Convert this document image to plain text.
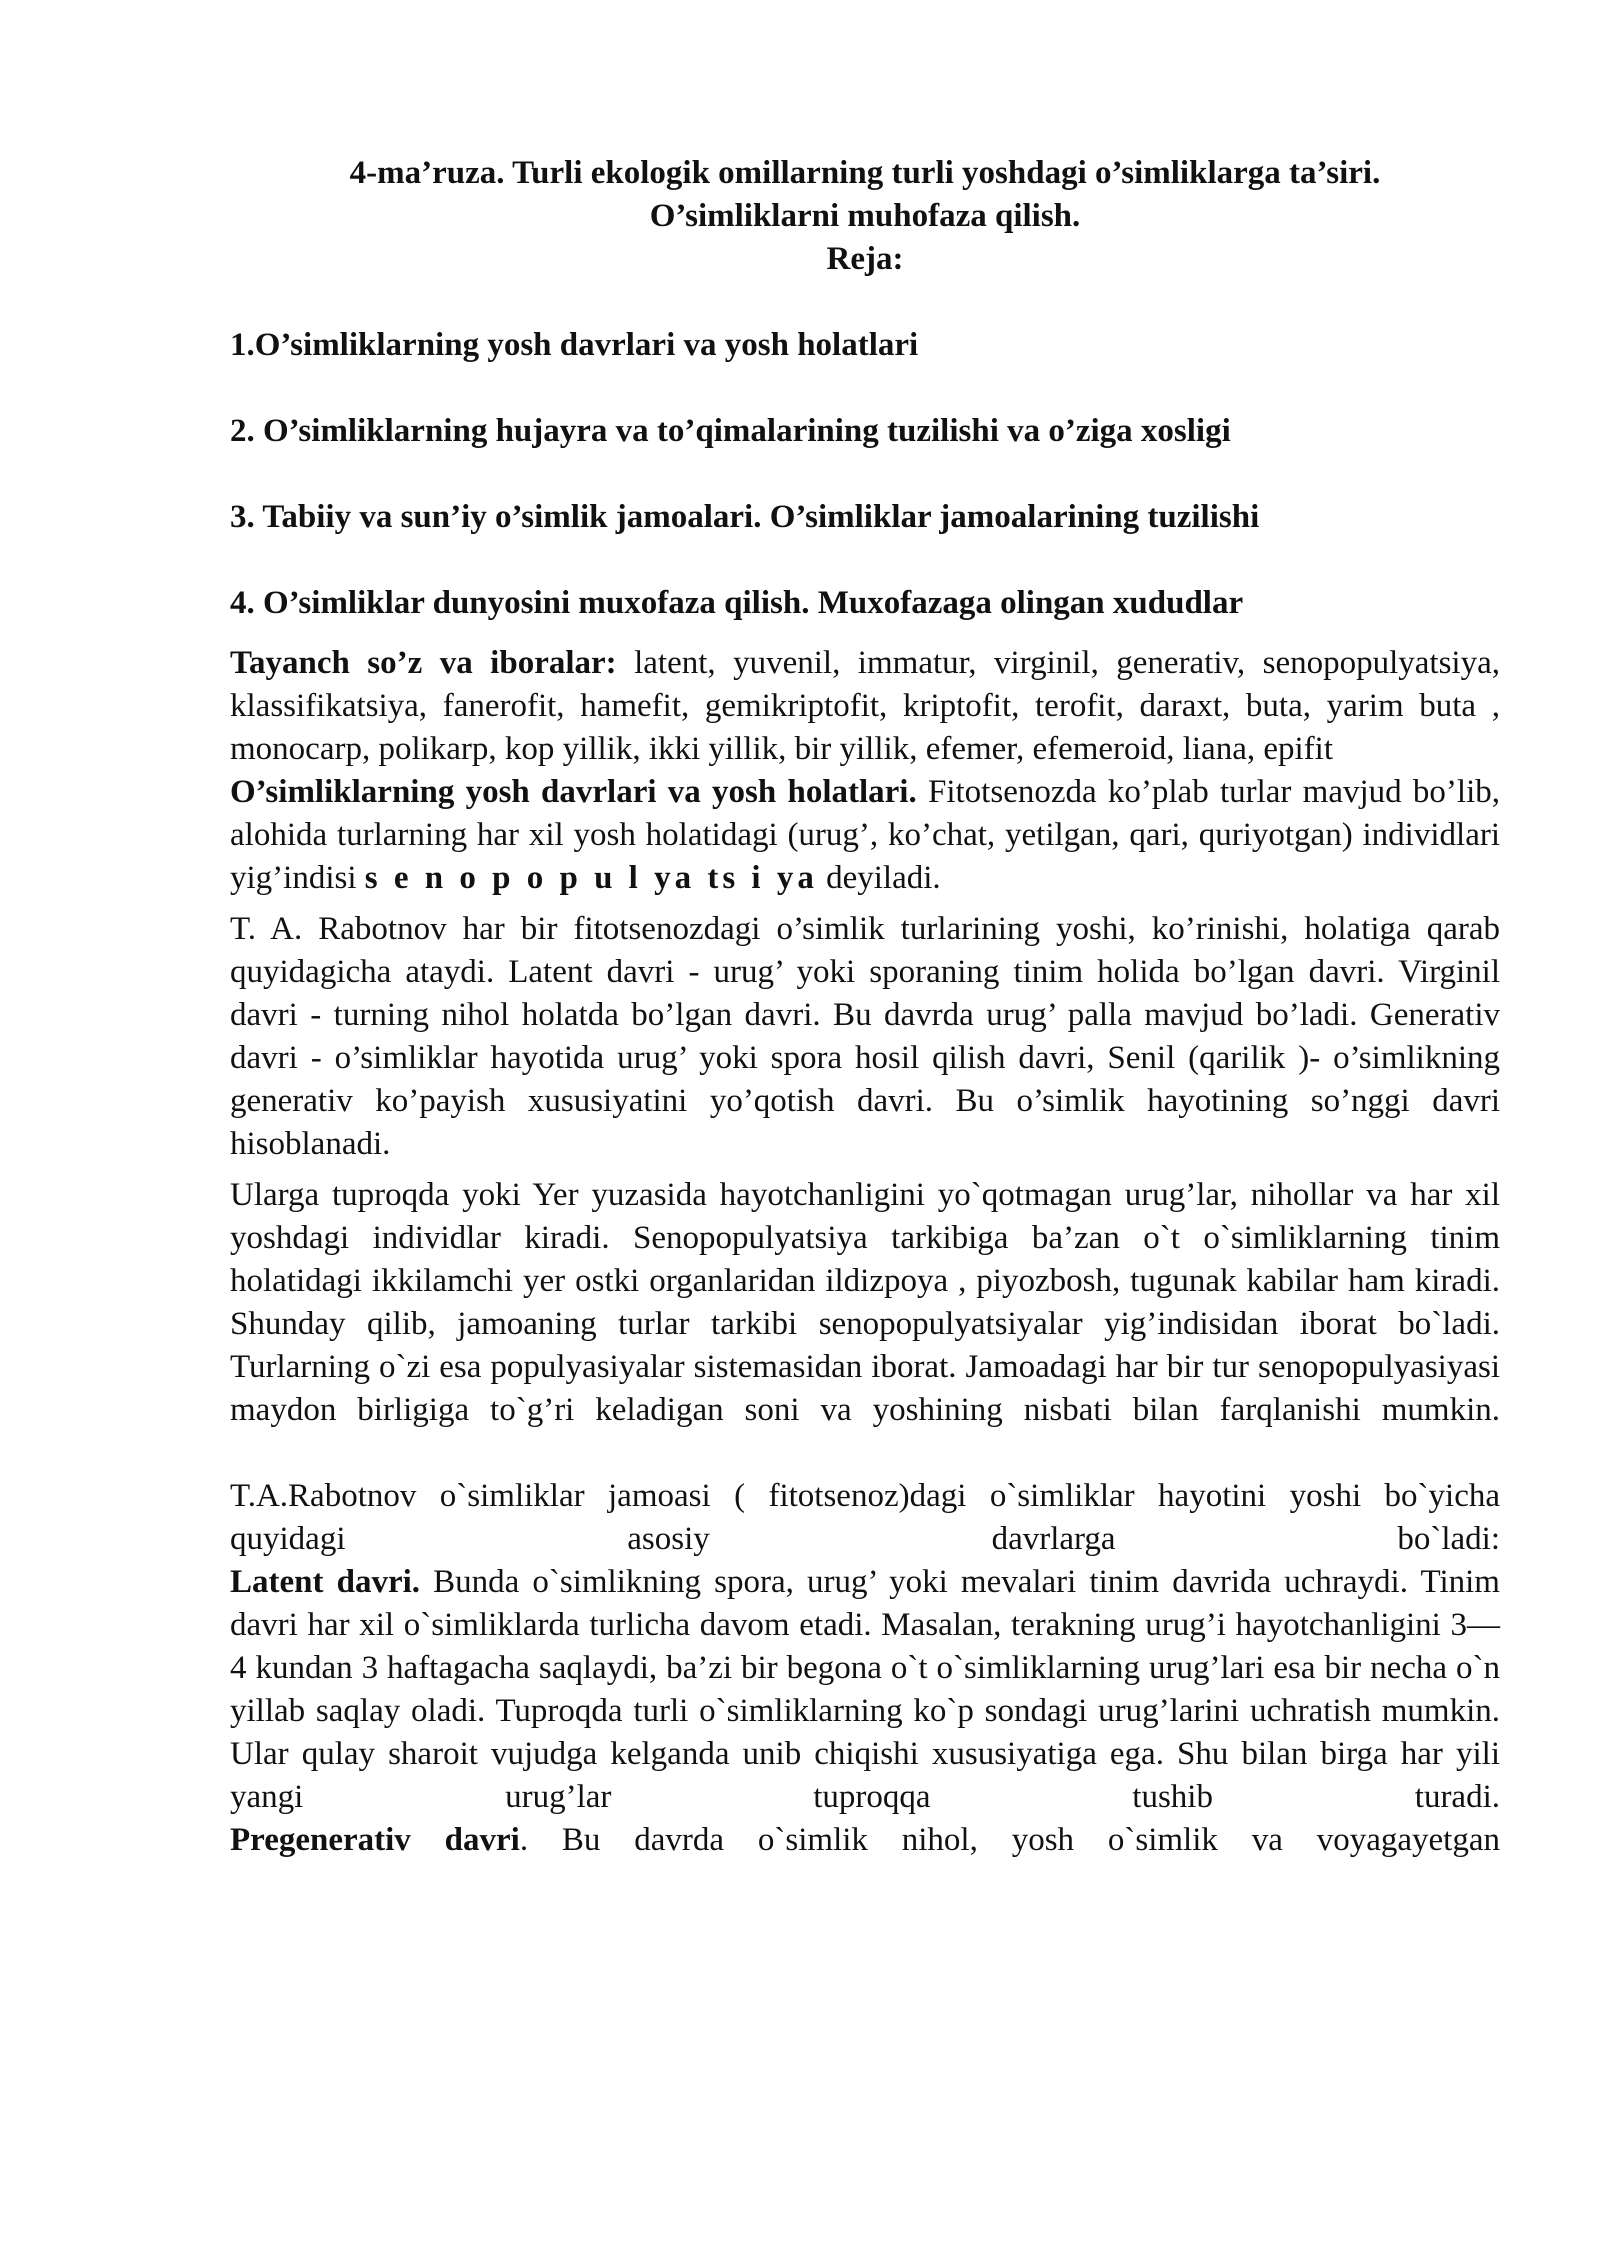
4-ma’ruza. Turli ekologik omillarning turli yoshdagi o’simliklarga ta’siri.
O’simliklarni muhofaza qilish.
Reja:
1.O’simliklarning yosh davrlari va yosh holatlari
2. O’simliklarning hujayra va to’qimalarining tuzilishi va o’ziga xosligi
3. Tabiiy va sun’iy o’simlik jamoalari. O’simliklar jamoalarining tuzilishi
4. O’simliklar dunyosini muxofaza qilish. Muxofazaga olingan xududlar

Tayanch so’z va iboralar: latent, yuvenil, immatur, virginil, generativ, senopopulyatsiya, klassifikatsiya, fanerofit, hamefit, gemikriptofit, kriptofit, terofit, daraxt, buta, yarim buta , monocarp, polikarp, kop yillik, ikki yillik, bir yillik, efemer, efemeroid, liana, epifit

O’simliklarning yosh davrlari va yosh holatlari. Fitotsenozda ko’plab turlar mavjud bo’lib, alohida turlarning har xil yosh holatidagi (urug’, ko’chat, yetilgan, qari, quriyotgan) individlari yig’indisi s e n o p o p u l ya ts i ya deyiladi.

T. A. Rabotnov har bir fitotsenozdagi o’simlik turlarining yoshi, ko’rinishi, holatiga qarab quyidagicha ataydi. Latent davri - urug’ yoki sporaning tinim holida bo’lgan davri. Virginil davri - turning nihol holatda bo’lgan davri. Bu davrda urug’ palla mavjud bo’ladi. Generativ davri - o’simliklar hayotida urug’ yoki spora hosil qilish davri, Senil (qarilik )- o’simlikning generativ ko’payish xususiyatini yo’qotish davri. Bu o’simlik hayotining so’nggi davri hisoblanadi.

Ularga tuproqda yoki Yer yuzasida hayotchanligini yo`qotmagan urug’lar, nihollar va har xil yoshdagi individlar kiradi. Senopopulyatsiya tarkibiga ba’zan o`t o`simliklarning tinim holatidagi ikkilamchi yer ostki organlaridan ildizpoya , piyozbosh, tugunak kabilar ham kiradi. Shunday qilib, jamoaning turlar tarkibi senopopulyatsiyalar yig’indisidan iborat bo`ladi. Turlarning o`zi esa populyasiyalar sistemasidan iborat. Jamoadagi har bir tur senopopulyasiyasi maydon birligiga to`g’ri keladigan soni va yoshining nisbati bilan farqlanishi mumkin.

T.A.Rabotnov o`simliklar jamoasi ( fitotsenoz)dagi o`simliklar hayotini yoshi bo`yicha quyidagi asosiy davrlarga bo`ladi:

Latent davri. Bunda o`simlikning spora, urug’ yoki mevalari tinim davrida uchraydi. Tinim davri har xil o`simliklarda turlicha davom etadi. Masalan, terakning urug’i hayotchanligini 3—4 kundan 3 haftagacha saqlaydi, ba’zi bir begona o`t o`simliklarning urug’lari esa bir necha o`n yillab saqlay oladi. Tuproqda turli o`simliklarning ko`p sondagi urug’larini uchratish mumkin. Ular qulay sharoit vujudga kelganda unib chiqishi xususiyatiga ega. Shu bilan birga har yili yangi urug’lar tuproqqa tushib turadi.

Pregenerativ davri. Bu davrda o`simlik nihol, yosh o`simlik va voyagayetgan
